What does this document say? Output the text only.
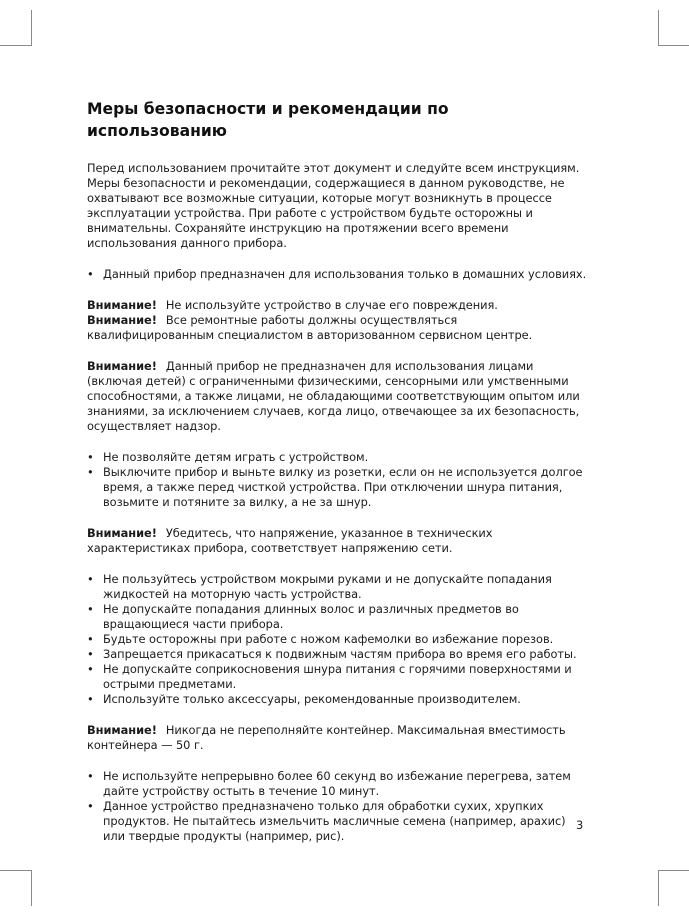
Меры безопасности и рекомендации по использованию

Перед использованием прочитайте этот документ и следуйте всем инструкциям. Меры безопасности и рекомендации, содержащиеся в данном руководстве, не охватывают все возможные ситуации, которые могут возникнуть в процессе эксплуатации устройства. При работе с устройством будьте осторожны и внимательны. Сохраняйте инструкцию на протяжении всего времени использования данного прибора.

• Данный прибор предназначен для использования только в домашних условиях.

Внимание! Не используйте устройство в случае его повреждения.

Внимание! Все ремонтные работы должны осуществляться квалифицированным специалистом в авторизованном сервисном центре.

Внимание! Данный прибор не предназначен для использования лицами (включая детей) с ограниченными физическими, сенсорными или умственными способностями, а также лицами, не обладающими соответствующим опытом или знаниями, за исключением случаев, когда лицо, отвечающее за их безопасность, осуществляет надзор.

• Не позволяйте детям играть с устройством.
• Выключите прибор и выньте вилку из розетки, если он не используется долгое время, а также перед чисткой устройства. При отключении шнура питания, возьмите и потяните за вилку, а не за шнур.

Внимание! Убедитесь, что напряжение, указанное в технических характеристиках прибора, соответствует напряжению сети.

• Не пользуйтесь устройством мокрыми руками и не допускайте попадания жидкостей на моторную часть устройства.
• Не допускайте попадания длинных волос и различных предметов во вращающиеся части прибора.
• Будьте осторожны при работе с ножом кафемолки во избежание порезов.
• Запрещается прикасаться к подвижным частям прибора во время его работы.
• Не допускайте соприкосновения шнура питания с горячими поверхностями и острыми предметами.
• Используйте только аксессуары, рекомендованные производителем.

Внимание! Никогда не переполняйте контейнер. Максимальная вместимость контейнера — 50 г.

• Не используйте непрерывно более 60 секунд во избежание перегрева, затем дайте устройству остыть в течение 10 минут.
• Данное устройство предназначено только для обработки сухих, хрупких продуктов. Не пытайтесь измельчить масличные семена (например, арахис) или твердые продукты (например, рис).
3
